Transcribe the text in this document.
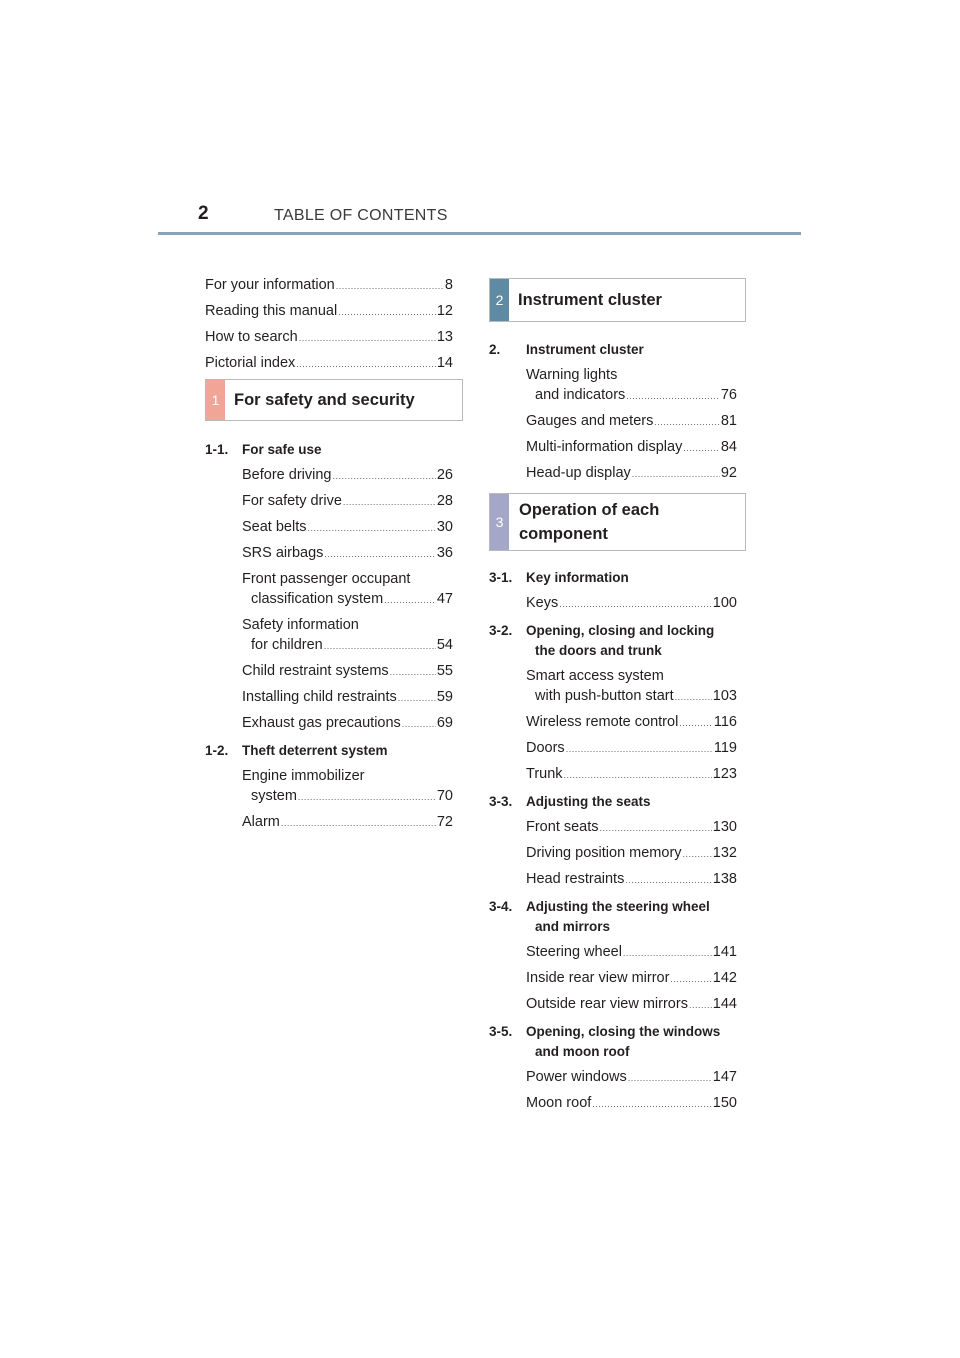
2	TABLE OF CONTENTS
For your information .....	8
Reading this manual .....	12
How to search .....	13
Pictorial index .....	14
1 For safety and security
1-1.	For safe use
Before driving .....	26
For safety drive .....	28
Seat belts .....	30
SRS airbags .....	36
Front passenger occupant
classification system .....	47
Safety information
for children .....	54
Child restraint systems .....	55
Installing child restraints .....	59
Exhaust gas precautions ..... 69
1-2.	Theft deterrent system
Engine immobilizer
system .....	70
Alarm .....	72
2 Instrument cluster
2.	Instrument cluster
Warning lights
and indicators .....	76
Gauges and meters .....	81
Multi-information display .....	84
Head-up display .....	92
3
Operation of each
component
3-1.	Key information
Keys .....	100
3-2.	Opening, closing and locking
the doors and trunk
Smart access system
with push-button start .....	103
Wireless remote control ..... 116
Doors .....	119
Trunk .....	123
3-3.	Adjusting the seats
Front seats .....	130
Driving position memory ..... 132
Head restraints .....	138
3-4.	Adjusting the steering wheel
and mirrors
Steering wheel .....	141
Inside rear view mirror .....	142
Outside rear view mirrors ..... 144
3-5.	Opening, closing the windows
and moon roof
Power windows .....	147
Moon roof .....	150
